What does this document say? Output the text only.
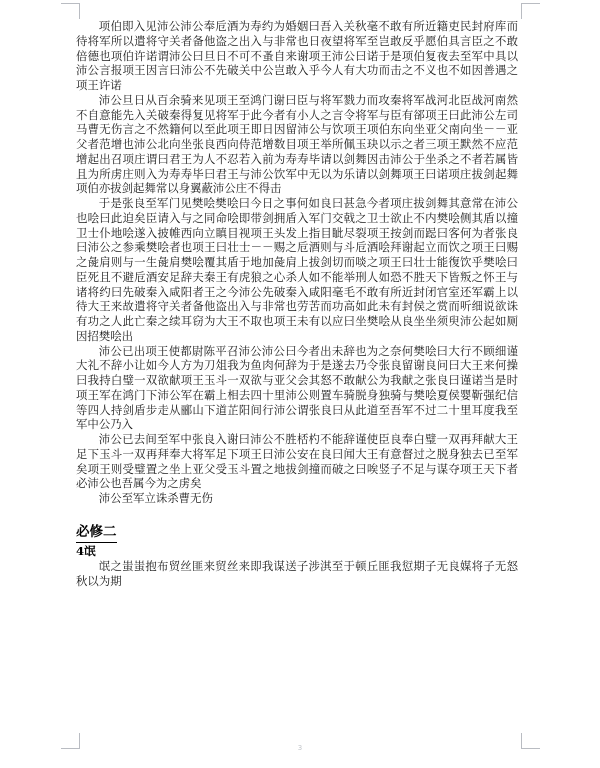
项伯即入见沛公沛公奉卮酒为寿约为婚姻曰吾入关秋毫不敢有所近籍吏民封府库而待将军所以遣将守关者备他盗之出入与非常也日夜望将军至岂敢反乎愿伯具言臣之不敢倍德也项伯许诺谓沛公曰旦日不可不蚤自来谢项王沛公曰诺于是项伯复夜去至军中具以沛公言报项王因言曰沛公不先破关中公岂敢入乎今人有大功而击之不义也不如因善遇之项王许诺

沛公旦日从百余骑来见项王至鸿门谢曰臣与将军戮力而攻秦将军战河北臣战河南然不自意能先入关破秦得复见将军于此今者有小人之言令将军与臣有郤项王曰此沛公左司马曹无伤言之不然籍何以至此项王即日因留沛公与饮项王项伯东向坐亚父南向坐－－亚父者范增也沛公北向坐张良西向侍范增数目项王举所佩玉玦以示之者三项王默然不应范增起出召项庄谓曰君王为人不忍若入前为寿寿毕请以剑舞因击沛公于坐杀之不者若属皆且为所虏庄则入为寿寿毕曰君王与沛公饮军中无以为乐请以剑舞项王曰诺项庄拔剑起舞项伯亦拔剑起舞常以身翼蔽沛公庄不得击

于是张良至军门见樊哙樊哙曰今日之事何如良曰甚急今者项庄拔剑舞其意常在沛公也哙曰此迫矣臣请入与之同命哙即带剑拥盾入军门交戟之卫士欲止不内樊哙侧其盾以撞卫士仆地哙遂入披帷西向立瞋目视项王头发上指目眦尽裂项王按剑而跽曰客何为者张良曰沛公之参乘樊哙者也项王曰壮士－－赐之卮酒则与斗卮酒哙拜谢起立而饮之项王曰赐之彘肩则与一生彘肩樊哙覆其盾于地加彘肩上拔剑切而啖之项王曰壮士能復饮乎樊哙曰臣死且不避卮酒安足辞夫秦王有虎狼之心杀人如不能举刑人如恐不胜天下皆叛之怀王与诸将约曰先破秦入咸阳者王之今沛公先破秦入咸阳毫毛不敢有所近封闭官室还军霸上以待大王来故遣将守关者备他盗出入与非常也劳苦而功高如此未有封侯之赏而听细说欲诛有功之人此亡秦之续耳窃为大王不取也项王未有以应曰坐樊哙从良坐坐须臾沛公起如厕因招樊哙出

沛公已出项王使都尉陈平召沛公沛公曰今者出未辞也为之奈何樊哙曰大行不顾细谨大礼不辞小让如今人方为刀俎我为鱼肉何辞为于是遂去乃令张良留谢良问曰大王来何操曰我持白璧一双欲献项王玉斗一双欲与亚父会其怒不敢献公为我献之张良曰谨诺当是时项王军在鸿门下沛公军在霸上相去四十里沛公则置车骑脱身独骑与樊哙夏侯婴靳强纪信等四人持剑盾步走从郦山下道芷阳间行沛公谓张良曰从此道至吾军不过二十里耳度我至军中公乃入

沛公已去间至军中张良入谢曰沛公不胜桮杓不能辞谨使臣良奉白璧一双再拜献大王足下玉斗一双再拜奉大将军足下项王曰沛公安在良曰闻大王有意督过之脱身独去已至军矣项王则受璧置之坐上亚父受玉斗置之地拔剑撞而破之曰唉竖子不足与谋夺项王天下者必沛公也吾属今为之虏矣

沛公至军立诛杀曹无伤

必修二

4氓

氓之蚩蚩抱布贸丝匪来贸丝来即我谋送子涉淇至于顿丘匪我愆期子无良媒将子无怒秋以为期

3
